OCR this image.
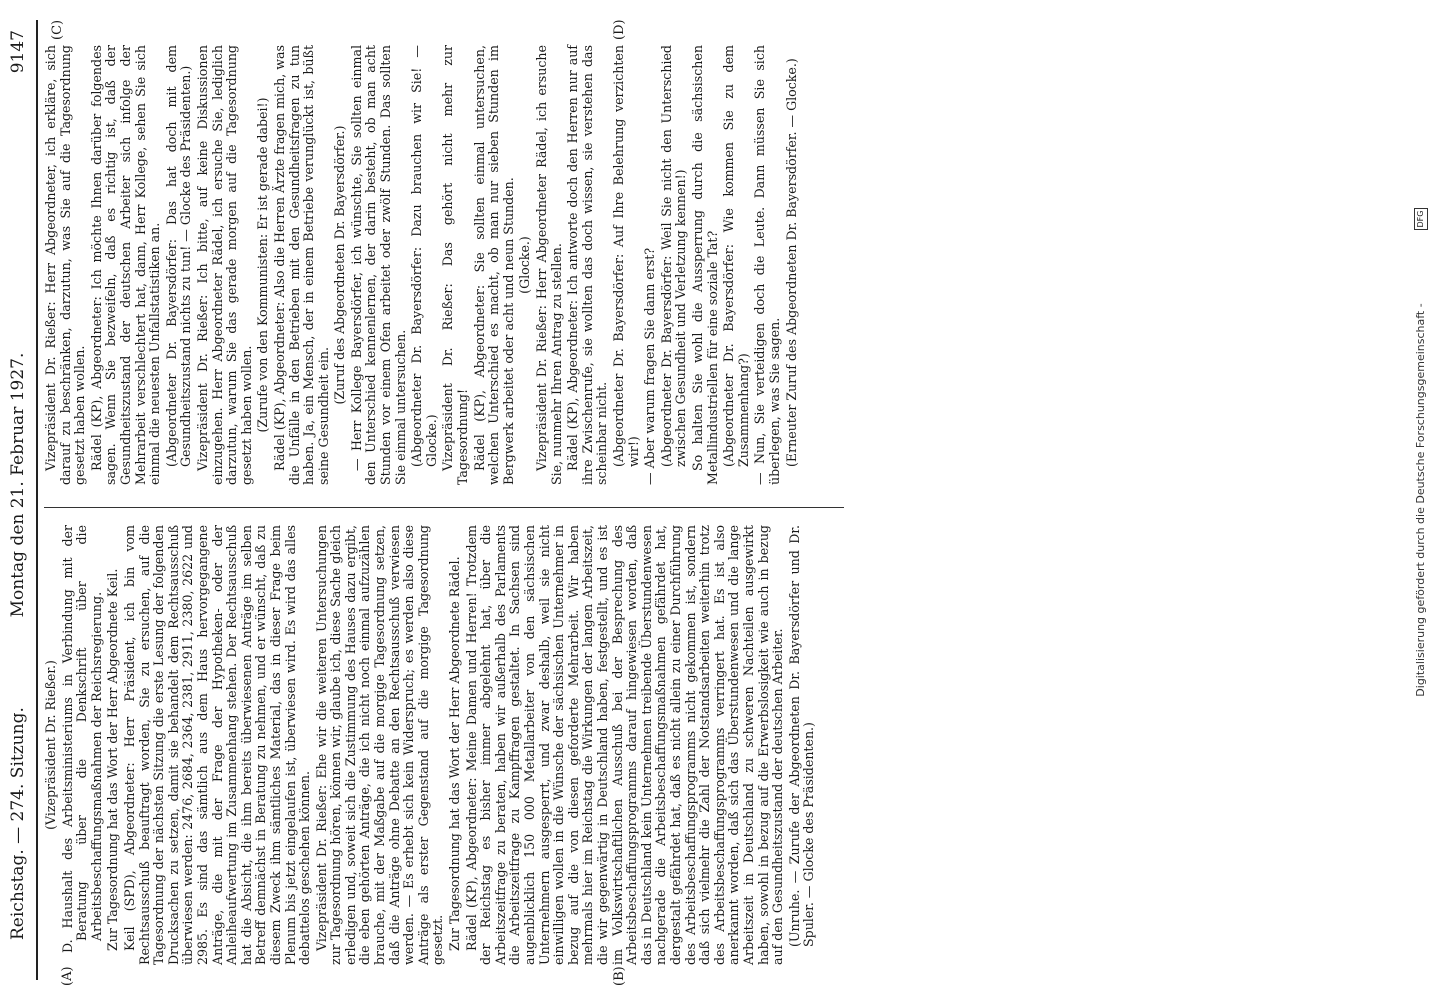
Reichstag. — 274. Sitzung.
Montag den 21. Februar 1927.
9147
(A)	(B)
(C)	(D)

(Vizepräsident Dr. Rießer.) D. Haushalt des Arbeitsministeriums in Verbindung mit der Beratung über die Denkschrift über die Arbeitsbeschaffungsmaßnahmen der Reichsregierung. Zur Tagesordnung hat das Wort der Herr Abgeordnete Keil. Keil (SPD), Abgeordneter: Herr Präsident, ich bin vom Rechtsausschuß beauftragt worden, Sie zu ersuchen, auf die Tagesordnung der nächsten Sitzung die erste Lesung der folgenden Drucksachen zu setzen, damit sie behandelt dem Rechtsausschuß überwiesen werden: 2476, 2684, 2364, 2381, 2911, 2380, 2622 und 2985. Es sind das sämtlich aus dem Haus hervorgegangene Anträge, die mit der Frage der Hypotheken- oder der Anleiheaufwertung im Zusammenhang stehen. Der Rechtsausschuß hat die Absicht, die ihm bereits überwiesenen Anträge im selben Betreff demnächst in Beratung zu nehmen, und er wünscht, daß zu diesem Zweck ihm sämtliches Material, das in dieser Frage beim Plenum bis jetzt eingelaufen ist, überwiesen wird. Es wird das alles debattelos geschehen können. Vizepräsident Dr. Rießer: Ehe wir die weiteren Untersuchungen zur Tagesordnung hören, können wir, glaube ich, diese Sache gleich erledigen und, soweit sich die Zustimmung des Hauses dazu ergibt, die eben gehörten Anträge, die ich nicht noch einmal aufzuzählen brauche, mit der Maßgabe auf die morgige Tagesordnung setzen, daß die Anträge ohne Debatte an den Rechtsausschuß verwiesen werden. — Es erhebt sich kein Widerspruch; es werden also diese Anträge als erster Gegenstand auf die morgige Tagesordnung gesetzt. Zur Tagesordnung hat das Wort der Herr Abgeordnete Rädel. Rädel (KP), Abgeordneter: Meine Damen und Herren! Trotzdem der Reichstag es bisher immer abgelehnt hat, über die Arbeitszeitfrage zu beraten, haben wir außerhalb des Parlaments die Arbeitszeitfrage zu Kampffragen gestaltet. In Sachsen sind augenblicklich 150 000 Metallarbeiter von den sächsischen Unternehmern ausgesperrt, und zwar deshalb, weil sie nicht einwilligen wollen in die Wünsche der sächsischen Unternehmer in bezug auf die von diesen geforderte Mehrarbeit. Wir haben mehrmals hier im Reichstag die Wirkungen der langen Arbeitszeit, die wir gegenwärtig in Deutschland haben, festgestellt, und es ist im Volkswirtschaftlichen Ausschuß bei der Besprechung des Arbeitsbeschaffungsprogramms darauf hingewiesen worden, daß das in Deutschland kein Unternehmen treibende Überstundenwesen nachgerade die Arbeitsbeschaffungsmaßnahmen gefährdet hat, dergestalt gefährdet hat, daß es nicht allein zu einer Durchführung des Arbeitsbeschaffungsprogramms nicht gekommen ist, sondern daß sich vielmehr die Zahl der Notstandsarbeiten weiterhin trotz des Arbeitsbeschaffungsprogramms verringert hat. Es ist also anerkannt worden, daß sich das Überstundenwesen und die lange Arbeitszeit in Deutschland zu schweren Nachteilen ausgewirkt haben, sowohl in bezug auf die Erwerbslosigkeit wie auch in bezug auf den Gesundheitszustand der deutschen Arbeiter. (Unruhe. — Zurufe der Abgeordneten Dr. Bayersdörfer und Dr. Spuler. — Glocke des Präsidenten.)

Vizepräsident Dr. Rießer: Herr Abgeordneter, ich erkläre, sich darauf zu beschränken, darzutun, was Sie auf die Tagesordnung gesetzt haben wollen. Rädel (KP), Abgeordneter: Ich möchte Ihnen darüber folgendes sagen. Wenn Sie bezweifeln, daß es richtig ist, daß der Gesundheitszustand der deutschen Arbeiter sich infolge der Mehrarbeit verschlechtert hat, dann, Herr Kollege, sehen Sie sich einmal die neuesten Unfallstatistiken an. (Abgeordneter Dr. Bayersdörfer: Das hat doch mit dem Gesundheitszustand nichts zu tun! — Glocke des Präsidenten.) Vizepräsident Dr. Rießer: Ich bitte, auf keine Diskussionen einzugehen. Herr Abgeordneter Rädel, ich ersuche Sie, lediglich darzutun, warum Sie das gerade morgen auf die Tagesordnung gesetzt haben wollen. (Zurufe von den Kommunisten: Er ist gerade dabei!) Rädel (KP), Abgeordneter: Also die Herren Ärzte fragen mich, was die Unfälle in den Betrieben mit den Gesundheitsfragen zu tun haben. Ja, ein Mensch, der in einem Betriebe verunglückt ist, büßt seine Gesundheit ein.

(Zuruf des Abgeordneten Dr. Bayersdörfer.) — Herr Kollege Bayersdörfer, ich wünschte, Sie sollten einmal den Unterschied kennenlernen, der darin besteht, ob man acht Stunden vor einem Ofen arbeitet oder zwölf Stunden. Das sollten Sie einmal untersuchen. (Abgeordneter Dr. Bayersdörfer: Dazu brauchen wir Sie! — Glocke.) Vizepräsident Dr. Rießer: Das gehört nicht mehr zur Tagesordnung! Rädel (KP), Abgeordneter: Sie sollten einmal untersuchen, welchen Unterschied es macht, ob man nur sieben Stunden im Bergwerk arbeitet oder acht und neun Stunden. (Glocke.) Vizepräsident Dr. Rießer: Herr Abgeordneter Rädel, ich ersuche Sie, nunmehr Ihren Antrag zu stellen. Rädel (KP), Abgeordneter: Ich antworte doch den Herren nur auf ihre Zwischenrufe, sie wollten das doch wissen, sie verstehen das scheinbar nicht. (Abgeordneter Dr. Bayersdörfer: Auf Ihre Belehrung verzichten wir!) — Aber warum fragen Sie dann erst? (Abgeordneter Dr. Bayersdörfer: Weil Sie nicht den Unterschied zwischen Gesundheit und Verletzung kennen!) So halten Sie wohl die Aussperrung durch die sächsischen Metallindustriellen für eine soziale Tat? (Abgeordneter Dr. Bayersdörfer: Wie kommen Sie zu dem Zusammenhang?) — Nun, Sie verteidigen doch die Leute. Dann müssen Sie sich überlegen, was Sie sagen. (Erneuter Zuruf des Abgeordneten Dr. Bayersdörfer. — Glocke.)

Digitalisierung gefördert durch die Deutsche Forschungsgemeinschaft -
DFG
